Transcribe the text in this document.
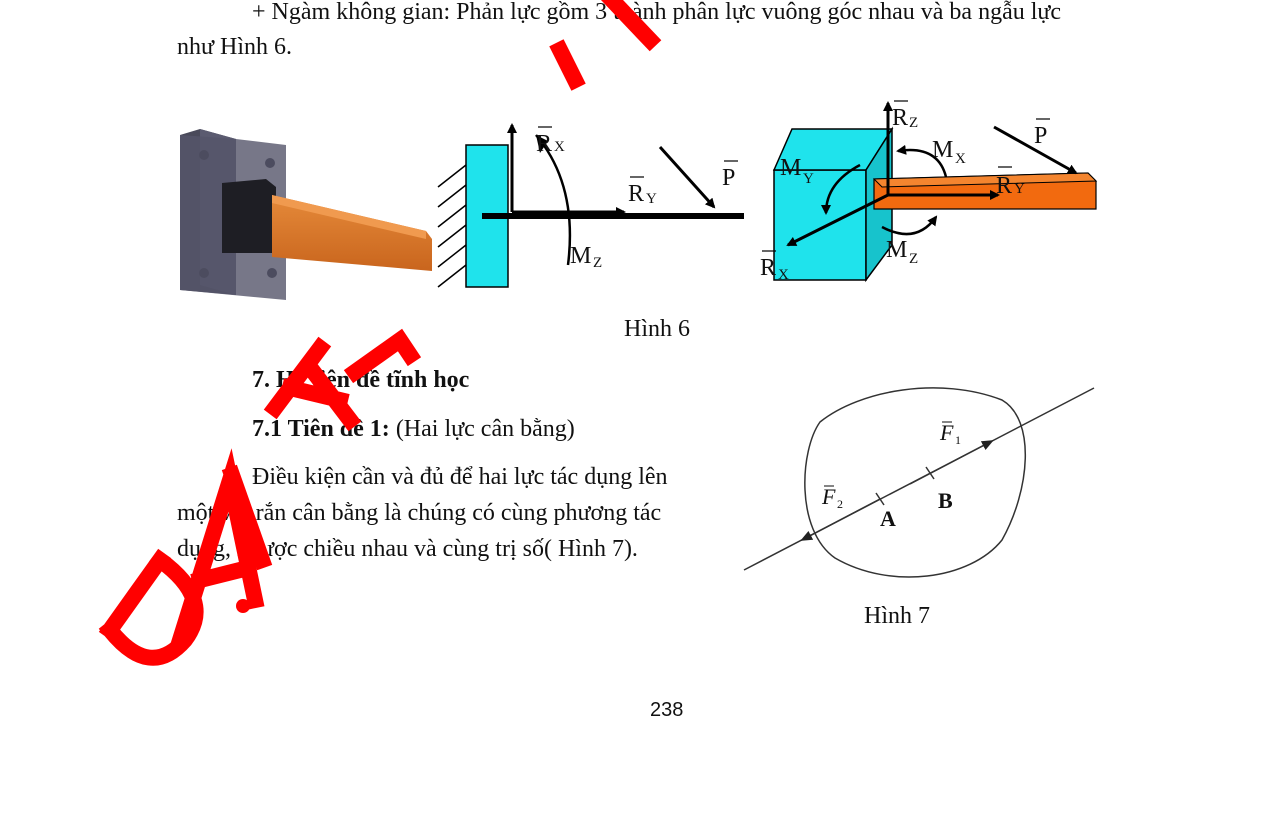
+ Ngàm không gian: Phản lực gồm 3 thành phân lực vuông góc nhau và ba ngẫu lực
như Hình 6.
R X
R Y
P
M Z
R Z
M X
M Y	R Y
R X
M Z
P
Hình 6
7. Hệ tiên đề tĩnh học
7.1 Tiên đề 1: (Hai lực cân bằng)
Điều kiện cần và đủ để hai lực tác dụng lên
một vật rắn cân bằng là chúng có cùng phương tác
dụng, ngược chiều nhau và cùng trị số( Hình 7).
F 1
F 2
A
B
Hình 7
238
